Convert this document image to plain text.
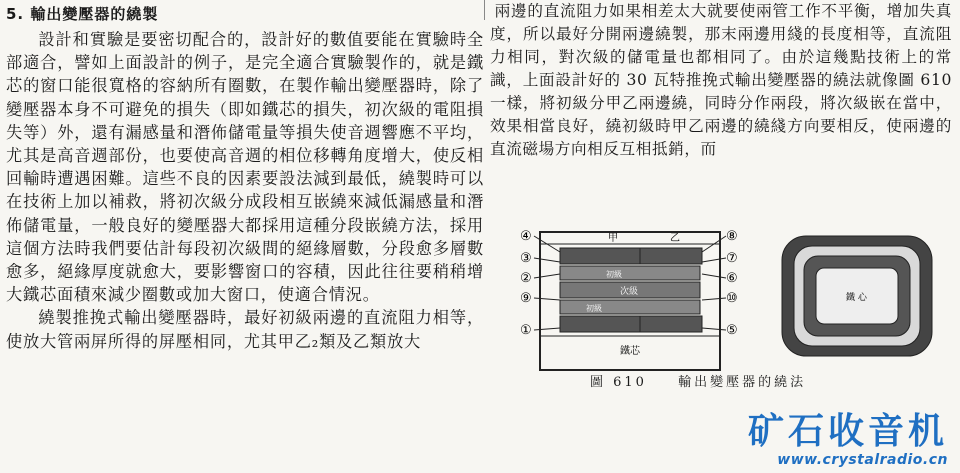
5. 輸出變壓器的繞製

設計和實驗是要密切配合的，設計好的數值要能在實驗時全部適合，譬如上面設計的例子，是完全適合實驗製作的，就是鐵芯的窗口能很寬格的容納所有圈數，在製作輸出變壓器時，除了變壓器本身不可避免的損失（即如鐵芯的損失，初次級的電阻損失等）外，還有漏感量和潛佈儲電量等損失使音週響應不平均，尤其是高音週部份，也要使高音週的相位移轉角度增大，使反相回輸時遭遇困難。這些不良的因素要設法減到最低，繞製時可以在技術上加以補救，將初次級分成段相互嵌繞來減低漏感量和潛佈儲電量，一般良好的變壓器大都採用這種分段嵌繞方法，採用這個方法時我們要估計每段初次級間的絕緣層數，分段愈多層數愈多，絕緣厚度就愈大，要影響窗口的容積，因此往往要稍稍增大鐵芯面積來減少圈數或加大窗口，使適合情況。

繞製推挽式輸出變壓器時，最好初級兩邊的直流阻力相等，使放大管兩屏所得的屏壓相同，尤其甲乙₂類及乙類放大

兩邊的直流阻力如果相差太大就要使兩管工作不平衡，增加失真度，所以最好分開兩邊繞製，那末兩邊用綫的長度相等，直流阻力相同，對次級的儲電量也都相同了。由於這幾點技術上的常識，上面設計好的 30 瓦特推挽式輸出變壓器的繞法就像圖 610 一樣，將初級分甲乙兩邊繞，同時分作兩段，將次級嵌在當中，效果相當良好，繞初級時甲乙兩邊的繞綫方向要相反，使兩邊的直流磁場方向相反互相抵銷，而

甲	乙
初級
次級
初級
鐵芯
④
③
②
⑨
①
⑧
⑦
⑥
⑩
⑤
鐵 心
圖 610 輸出變壓器的繞法
矿石收音机
www.crystalradio.cn
